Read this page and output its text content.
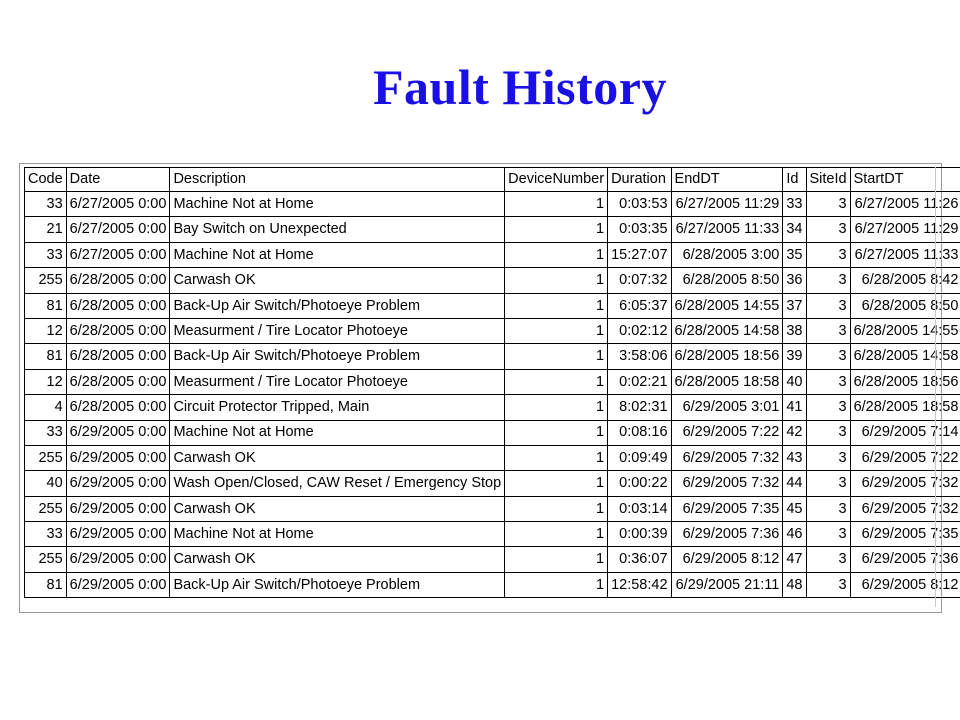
Fault History
Code	Date	Description	DeviceNumber	Duration	EndDT	Id	SiteId	StartDT
33	6/27/2005 0:00	Machine Not at Home	1	0:03:53	6/27/2005 11:29	33	3	6/27/2005 11:26
21	6/27/2005 0:00	Bay Switch on Unexpected	1	0:03:35	6/27/2005 11:33	34	3	6/27/2005 11:29
33	6/27/2005 0:00	Machine Not at Home	1	15:27:07	6/28/2005 3:00	35	3	6/27/2005 11:33
255	6/28/2005 0:00	Carwash OK	1	0:07:32	6/28/2005 8:50	36	3	6/28/2005 8:42
81	6/28/2005 0:00	Back-Up Air Switch/Photoeye Problem	1	6:05:37	6/28/2005 14:55	37	3	6/28/2005 8:50
12	6/28/2005 0:00	Measurment / Tire Locator Photoeye	1	0:02:12	6/28/2005 14:58	38	3	6/28/2005 14:55
81	6/28/2005 0:00	Back-Up Air Switch/Photoeye Problem	1	3:58:06	6/28/2005 18:56	39	3	6/28/2005 14:58
12	6/28/2005 0:00	Measurment / Tire Locator Photoeye	1	0:02:21	6/28/2005 18:58	40	3	6/28/2005 18:56
4	6/28/2005 0:00	Circuit Protector Tripped, Main	1	8:02:31	6/29/2005 3:01	41	3	6/28/2005 18:58
33	6/29/2005 0:00	Machine Not at Home	1	0:08:16	6/29/2005 7:22	42	3	6/29/2005 7:14
255	6/29/2005 0:00	Carwash OK	1	0:09:49	6/29/2005 7:32	43	3	6/29/2005 7:22
40	6/29/2005 0:00	Wash Open/Closed, CAW Reset / Emergency Stop	1	0:00:22	6/29/2005 7:32	44	3	6/29/2005 7:32
255	6/29/2005 0:00	Carwash OK	1	0:03:14	6/29/2005 7:35	45	3	6/29/2005 7:32
33	6/29/2005 0:00	Machine Not at Home	1	0:00:39	6/29/2005 7:36	46	3	6/29/2005 7:35
255	6/29/2005 0:00	Carwash OK	1	0:36:07	6/29/2005 8:12	47	3	6/29/2005 7:36
81	6/29/2005 0:00	Back-Up Air Switch/Photoeye Problem	1	12:58:42	6/29/2005 21:11	48	3	6/29/2005 8:12
